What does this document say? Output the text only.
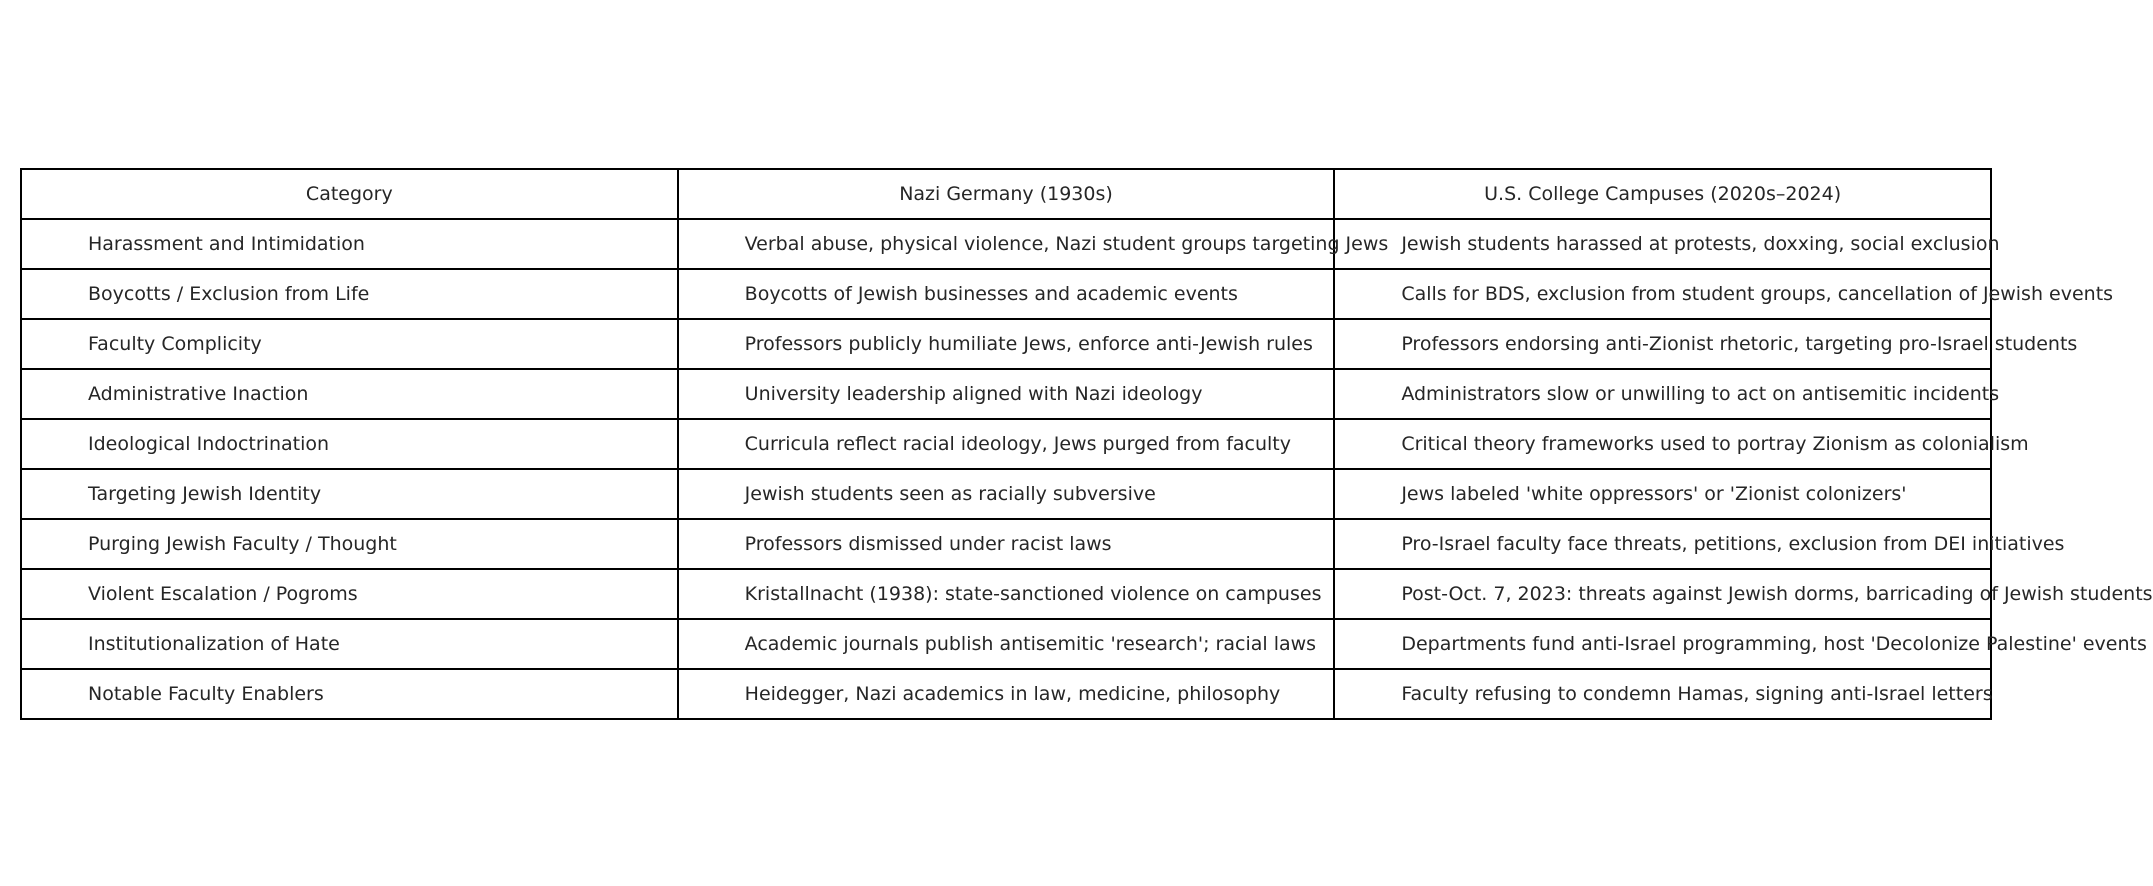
Category	Nazi Germany (1930s)	U.S. College Campuses (2020s–2024)
Harassment and Intimidation	Verbal abuse, physical violence, Nazi student groups targeting Jews	Jewish students harassed at protests, doxxing, social exclusion
Boycotts / Exclusion from Life	Boycotts of Jewish businesses and academic events	Calls for BDS, exclusion from student groups, cancellation of Jewish events
Faculty Complicity	Professors publicly humiliate Jews, enforce anti-Jewish rules	Professors endorsing anti-Zionist rhetoric, targeting pro-Israel students
Administrative Inaction	University leadership aligned with Nazi ideology	Administrators slow or unwilling to act on antisemitic incidents
Ideological Indoctrination	Curricula reflect racial ideology, Jews purged from faculty	Critical theory frameworks used to portray Zionism as colonialism
Targeting Jewish Identity	Jewish students seen as racially subversive	Jews labeled 'white oppressors' or 'Zionist colonizers'
Purging Jewish Faculty / Thought	Professors dismissed under racist laws	Pro-Israel faculty face threats, petitions, exclusion from DEI initiatives
Violent Escalation / Pogroms	Kristallnacht (1938): state-sanctioned violence on campuses	Post-Oct. 7, 2023: threats against Jewish dorms, barricading of Jewish students
Institutionalization of Hate	Academic journals publish antisemitic 'research'; racial laws	Departments fund anti-Israel programming, host 'Decolonize Palestine' events
Notable Faculty Enablers	Heidegger, Nazi academics in law, medicine, philosophy	Faculty refusing to condemn Hamas, signing anti-Israel letters
